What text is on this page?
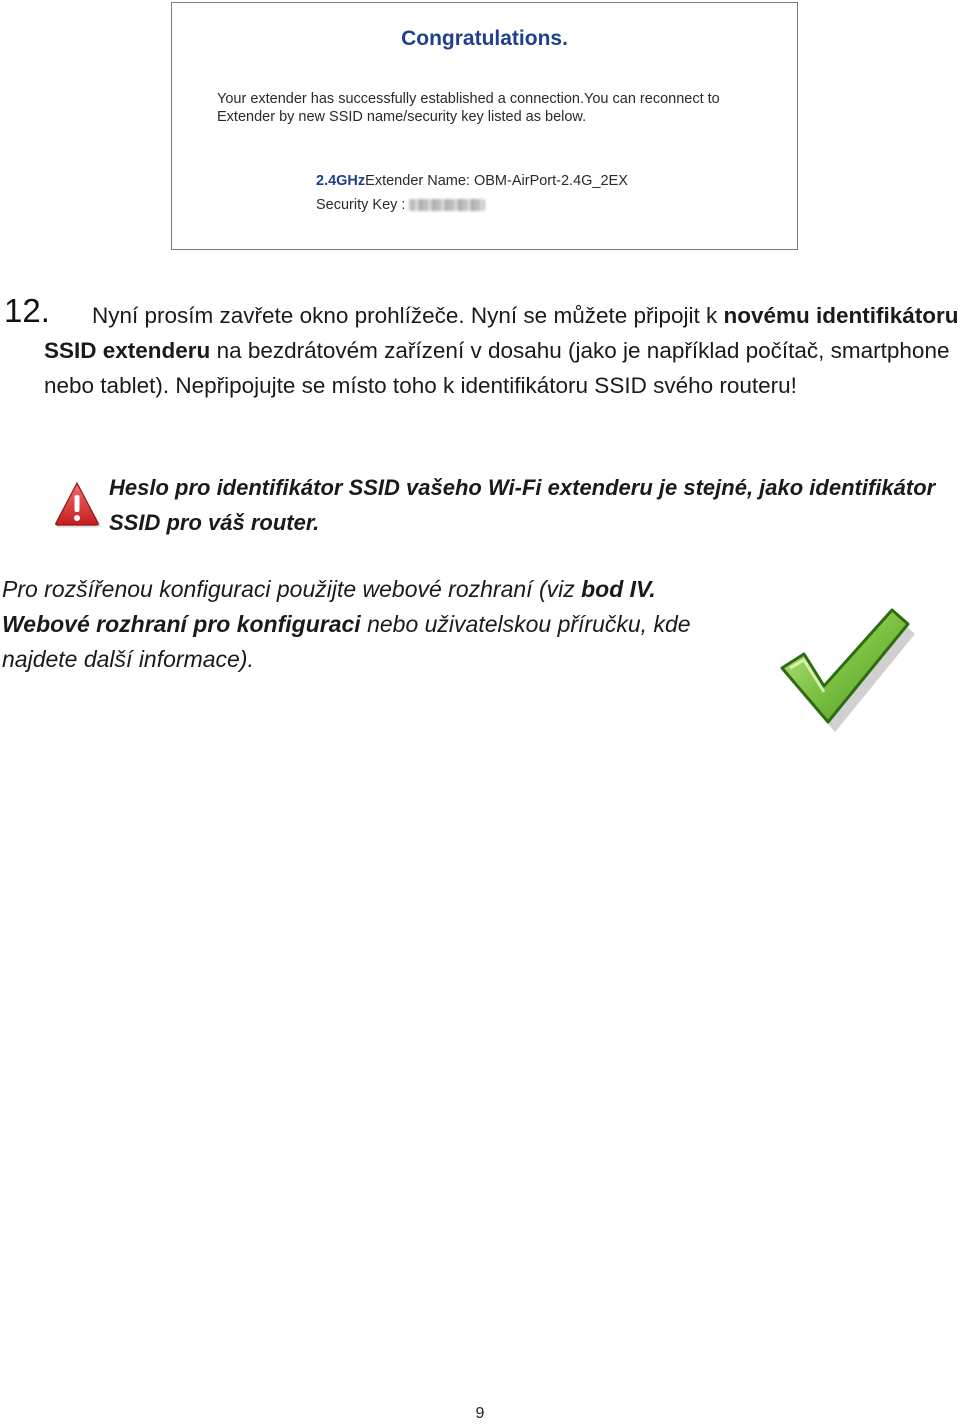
Congratulations.
Your extender has successfully established a connection.You can reconnect to Extender by new SSID name/security key listed as below.
2.4GHzExtender Name: OBM-AirPort-2.4G_2EX
Security Key :
12.	Nyní prosím zavřete okno prohlížeče. Nyní se můžete připojit k novému identifikátoru SSID extenderu na bezdrátovém zařízení v dosahu (jako je například počítač, smartphone nebo tablet). Nepřipojujte se místo toho k identifikátoru SSID svého routeru!

Heslo pro identifikátor SSID vašeho Wi-Fi extenderu je stejné, jako identifikátor SSID pro váš router.

Pro rozšířenou konfiguraci použijte webové rozhraní (viz bod IV. Webové rozhraní pro konfiguraci nebo uživatelskou příručku, kde najdete další informace).

9
